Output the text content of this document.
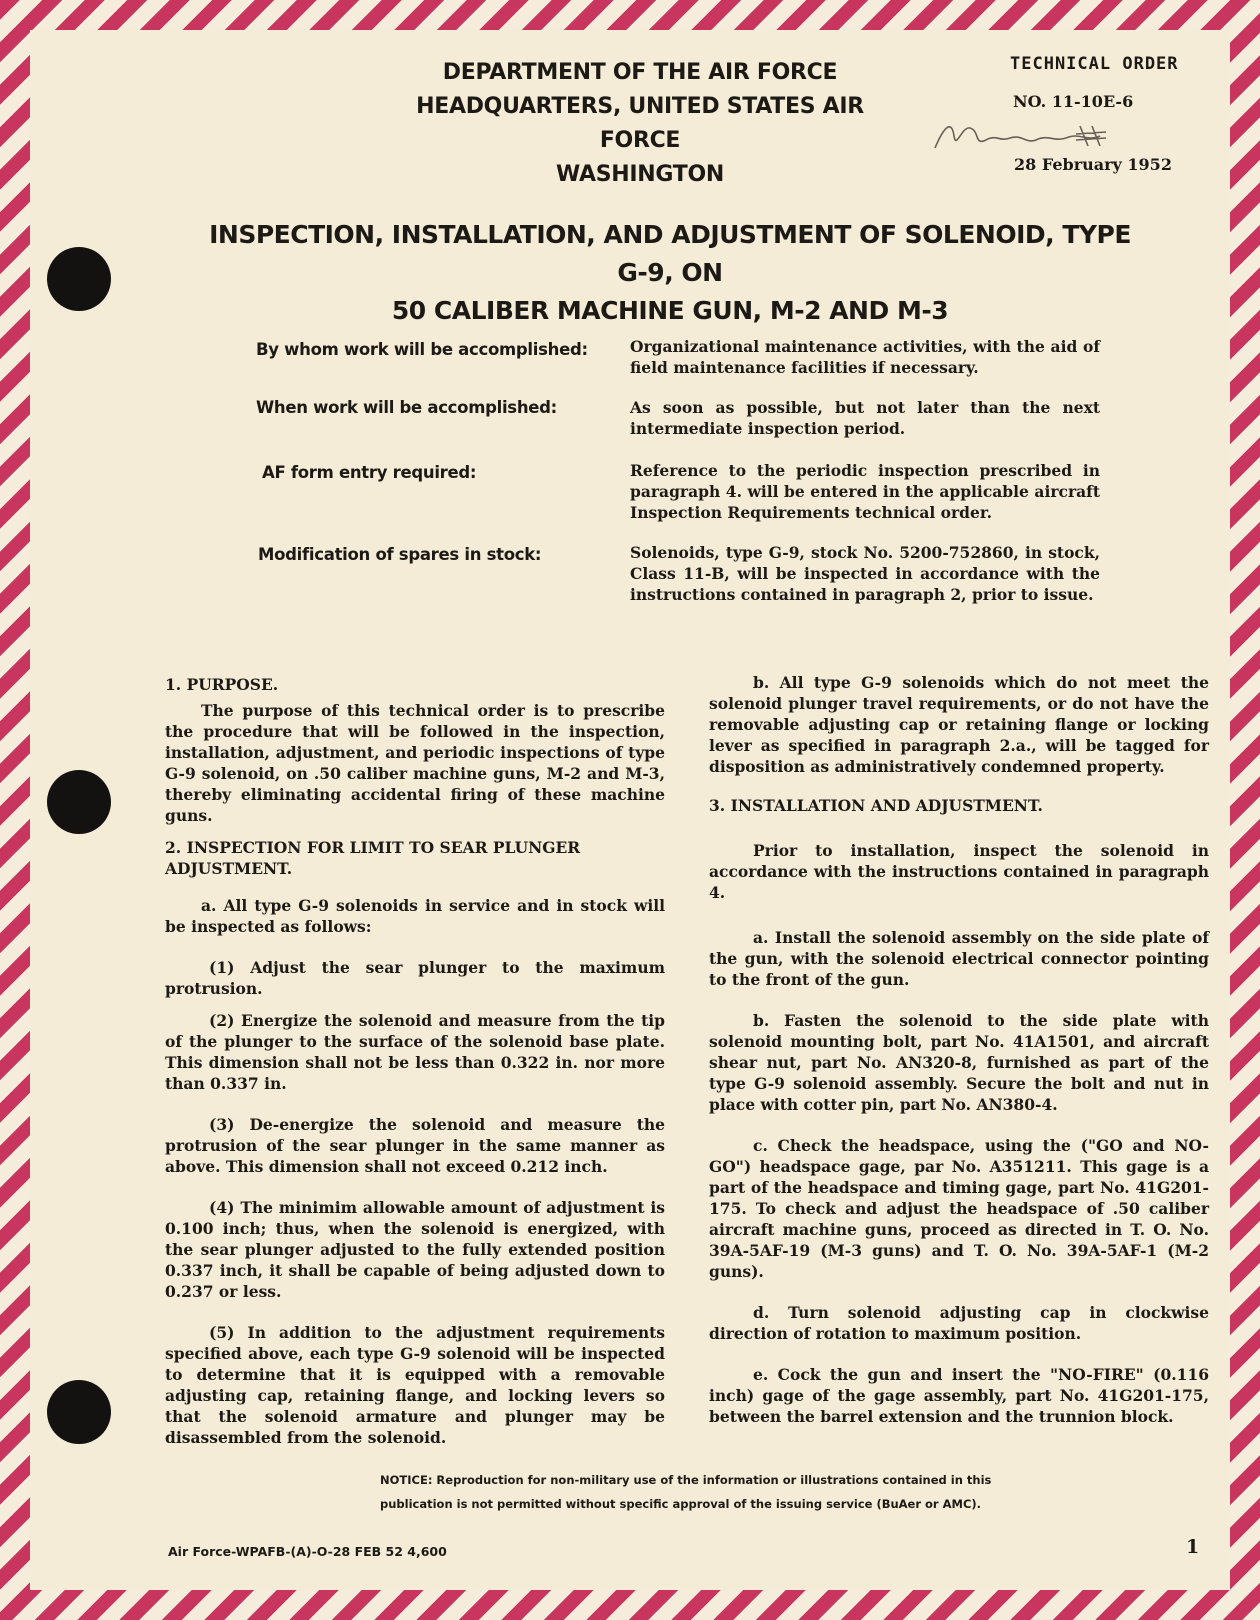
DEPARTMENT OF THE AIR FORCE
HEADQUARTERS, UNITED STATES AIR FORCE
WASHINGTON
TECHNICAL ORDER
NO. 11-10E-6
28 February 1952
INSPECTION, INSTALLATION, AND ADJUSTMENT OF SOLENOID, TYPE G-9, ON
50 CALIBER MACHINE GUN, M-2 AND M-3
By whom work will be accomplished:	Organizational maintenance activities, with the aid of field maintenance facilities if necessary.
When work will be accomplished:	As soon as possible, but not later than the next intermediate inspection period.
AF form entry required:	Reference to the periodic inspection prescribed in paragraph 4. will be entered in the applicable aircraft Inspection Requirements technical order.
Modification of spares in stock:	Solenoids, type G-9, stock No. 5200-752860, in stock, Class 11-B, will be inspected in accordance with the instructions contained in paragraph 2, prior to issue.

1. PURPOSE.

The purpose of this technical order is to prescribe the procedure that will be followed in the inspection, installation, adjustment, and periodic inspections of type G-9 solenoid, on .50 caliber machine guns, M-2 and M-3, thereby eliminating accidental firing of these machine guns.

2. INSPECTION FOR LIMIT TO SEAR PLUNGER ADJUSTMENT.

a. All type G-9 solenoids in service and in stock will be inspected as follows:

(1) Adjust the sear plunger to the maximum protrusion.

(2) Energize the solenoid and measure from the tip of the plunger to the surface of the solenoid base plate. This dimension shall not be less than 0.322 in. nor more than 0.337 in.

(3) De-energize the solenoid and measure the protrusion of the sear plunger in the same manner as above. This dimension shall not exceed 0.212 inch.

(4) The minimim allowable amount of adjustment is 0.100 inch; thus, when the solenoid is energized, with the sear plunger adjusted to the fully extended position 0.337 inch, it shall be capable of being adjusted down to 0.237 or less.

(5) In addition to the adjustment requirements specified above, each type G-9 solenoid will be inspected to determine that it is equipped with a removable adjusting cap, retaining flange, and locking levers so that the solenoid armature and plunger may be disassembled from the solenoid.

b. All type G-9 solenoids which do not meet the solenoid plunger travel requirements, or do not have the removable adjusting cap or retaining flange or locking lever as specified in paragraph 2.a., will be tagged for disposition as administratively condemned property.

3. INSTALLATION AND ADJUSTMENT.

Prior to installation, inspect the solenoid in accordance with the instructions contained in paragraph 4.

a. Install the solenoid assembly on the side plate of the gun, with the solenoid electrical connector pointing to the front of the gun.

b. Fasten the solenoid to the side plate with solenoid mounting bolt, part No. 41A1501, and aircraft shear nut, part No. AN320-8, furnished as part of the type G-9 solenoid assembly. Secure the bolt and nut in place with cotter pin, part No. AN380-4.

c. Check the headspace, using the ("GO and NO-GO") headspace gage, par No. A351211. This gage is a part of the headspace and timing gage, part No. 41G201-175. To check and adjust the headspace of .50 caliber aircraft machine guns, proceed as directed in T. O. No. 39A-5AF-19 (M-3 guns) and T. O. No. 39A-5AF-1 (M-2 guns).

d. Turn solenoid adjusting cap in clockwise direction of rotation to maximum position.

e. Cock the gun and insert the "NO-FIRE" (0.116 inch) gage of the gage assembly, part No. 41G201-175, between the barrel extension and the trunnion block.

NOTICE: Reproduction for non-military use of the information or illustrations contained in this
publication is not permitted without specific approval of the issuing service (BuAer or AMC).
Air Force-WPAFB-(A)-O-28 FEB 52 4,600	1
